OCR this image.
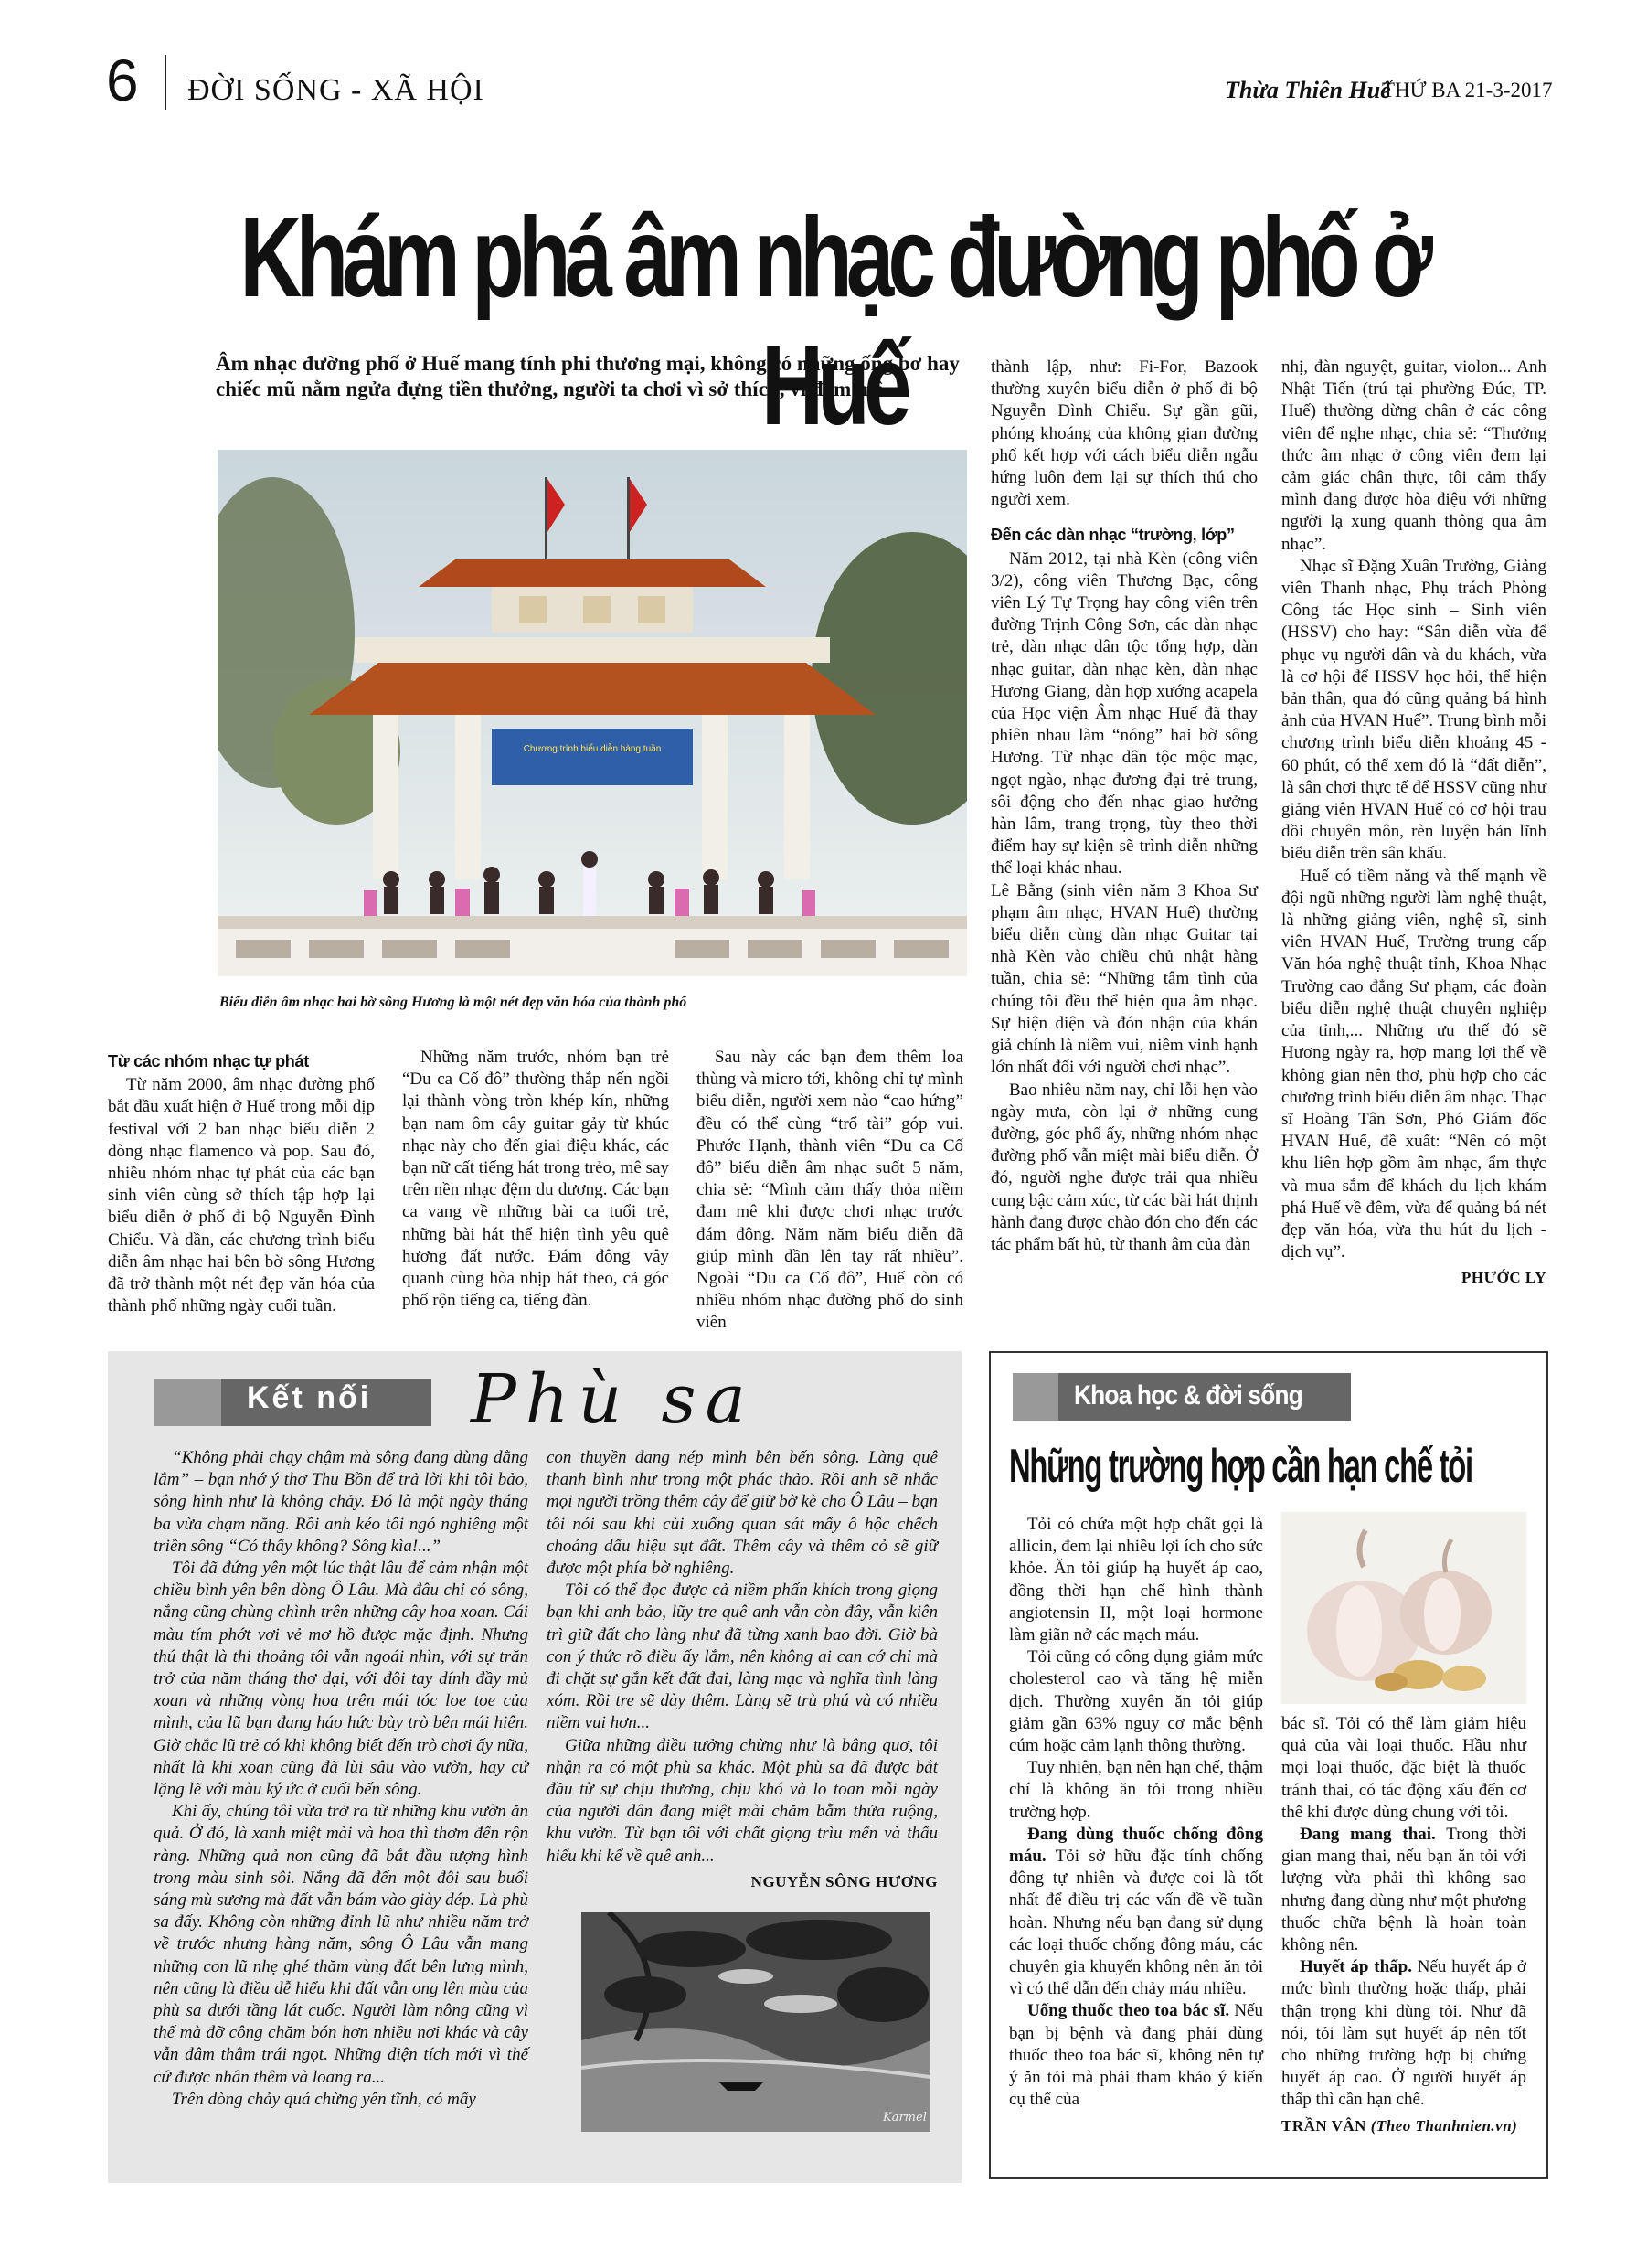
6 ĐỜI SỐNG - XÃ HỘI	Thừa Thiên Huế
THỨ BA 21-3-2017
Khám phá âm nhạc đường phố ở Huế
Âm nhạc đường phố ở Huế mang tính phi thương mại, không có những ống bơ hay chiếc mũ nằm ngửa đựng tiền thưởng, người ta chơi vì sở thích, vì đam mê.
Chương trình biểu diễn hàng tuần
Biểu diễn âm nhạc hai bờ sông Hương là một nét đẹp văn hóa của thành phố
Từ các nhóm nhạc tự phát

Từ năm 2000, âm nhạc đường phố bắt đầu xuất hiện ở Huế trong mỗi dịp festival với 2 ban nhạc biểu diễn 2 dòng nhạc flamenco và pop. Sau đó, nhiều nhóm nhạc tự phát của các bạn sinh viên cùng sở thích tập hợp lại biểu diễn ở phố đi bộ Nguyễn Đình Chiểu. Và dần, các chương trình biểu diễn âm nhạc hai bên bờ sông Hương đã trở thành một nét đẹp văn hóa của thành phố những ngày cuối tuần.

Những năm trước, nhóm bạn trẻ “Du ca Cố đô” thường thắp nến ngồi lại thành vòng tròn khép kín, những bạn nam ôm cây guitar gảy từ khúc nhạc này cho đến giai điệu khác, các bạn nữ cất tiếng hát trong trẻo, mê say trên nền nhạc đệm du dương. Các bạn ca vang về những bài ca tuổi trẻ, những bài hát thể hiện tình yêu quê hương đất nước. Đám đông vây quanh cùng hòa nhịp hát theo, cả góc phố rộn tiếng ca, tiếng đàn.

Sau này các bạn đem thêm loa thùng và micro tới, không chỉ tự mình biểu diễn, người xem nào “cao hứng” đều có thể cùng “trổ tài” góp vui. Phước Hạnh, thành viên “Du ca Cố đô” biểu diễn âm nhạc suốt 5 năm, chia sẻ: “Mình cảm thấy thỏa niềm đam mê khi được chơi nhạc trước đám đông. Năm năm biểu diễn đã giúp mình dần lên tay rất nhiều”. Ngoài “Du ca Cố đô”, Huế còn có nhiều nhóm nhạc đường phố do sinh viên

thành lập, như: Fi-For, Bazook thường xuyên biểu diễn ở phố đi bộ Nguyễn Đình Chiểu. Sự gần gũi, phóng khoáng của không gian đường phố kết hợp với cách biểu diễn ngẫu hứng luôn đem lại sự thích thú cho người xem.

Đến các dàn nhạc “trường, lớp”

Năm 2012, tại nhà Kèn (công viên 3/2), công viên Thương Bạc, công viên Lý Tự Trọng hay công viên trên đường Trịnh Công Sơn, các dàn nhạc trẻ, dàn nhạc dân tộc tổng hợp, dàn nhạc guitar, dàn nhạc kèn, dàn nhạc Hương Giang, dàn hợp xướng acapela của Học viện Âm nhạc Huế đã thay phiên nhau làm “nóng” hai bờ sông Hương. Từ nhạc dân tộc mộc mạc, ngọt ngào, nhạc đương đại trẻ trung, sôi động cho đến nhạc giao hưởng hàn lâm, trang trọng, tùy theo thời điểm hay sự kiện sẽ trình diễn những thể loại khác nhau.

Lê Bằng (sinh viên năm 3 Khoa Sư phạm âm nhạc, HVAN Huế) thường biểu diễn cùng dàn nhạc Guitar tại nhà Kèn vào chiều chủ nhật hàng tuần, chia sẻ: “Những tâm tình của chúng tôi đều thể hiện qua âm nhạc. Sự hiện diện và đón nhận của khán giả chính là niềm vui, niềm vinh hạnh lớn nhất đối với người chơi nhạc”.

Bao nhiêu năm nay, chỉ lỗi hẹn vào ngày mưa, còn lại ở những cung đường, góc phố ấy, những nhóm nhạc đường phố vẫn miệt mài biểu diễn. Ở đó, người nghe được trải qua nhiều cung bậc cảm xúc, từ các bài hát thịnh hành đang được chào đón cho đến các tác phẩm bất hủ, từ thanh âm của đàn

nhị, đàn nguyệt, guitar, violon... Anh Nhật Tiến (trú tại phường Đúc, TP. Huế) thường dừng chân ở các công viên để nghe nhạc, chia sẻ: “Thưởng thức âm nhạc ở công viên đem lại cảm giác chân thực, tôi cảm thấy mình đang được hòa điệu với những người lạ xung quanh thông qua âm nhạc”.

Nhạc sĩ Đặng Xuân Trường, Giảng viên Thanh nhạc, Phụ trách Phòng Công tác Học sinh – Sinh viên (HSSV) cho hay: “Sân diễn vừa để phục vụ người dân và du khách, vừa là cơ hội để HSSV học hỏi, thể hiện bản thân, qua đó cũng quảng bá hình ảnh của HVAN Huế”. Trung bình mỗi chương trình biểu diễn khoảng 45 - 60 phút, có thể xem đó là “đất diễn”, là sân chơi thực tế để HSSV cũng như giảng viên HVAN Huế có cơ hội trau dồi chuyên môn, rèn luyện bản lĩnh biểu diễn trên sân khấu.

Huế có tiềm năng và thế mạnh về đội ngũ những người làm nghệ thuật, là những giảng viên, nghệ sĩ, sinh viên HVAN Huế, Trường trung cấp Văn hóa nghệ thuật tỉnh, Khoa Nhạc Trường cao đẳng Sư phạm, các đoàn biểu diễn nghệ thuật chuyên nghiệp của tỉnh,... Những ưu thế đó sẽ Hương ngày ra, hợp mang lợi thế về không gian nên thơ, phù hợp cho các chương trình biểu diễn âm nhạc. Thạc sĩ Hoàng Tân Sơn, Phó Giám đốc HVAN Huế, đề xuất: “Nên có một khu liên hợp gồm âm nhạc, ẩm thực và mua sắm để khách du lịch khám phá Huế về đêm, vừa để quảng bá nét đẹp văn hóa, vừa thu hút du lịch - dịch vụ”.

PHƯỚC LY
Kết nối Phù sa

“Không phải chạy chậm mà sông đang dùng dằng lắm” – bạn nhớ ý thơ Thu Bồn để trả lời khi tôi bảo, sông hình như là không chảy. Đó là một ngày tháng ba vừa chạm nắng. Rồi anh kéo tôi ngó nghiêng một triền sông “Có thấy không? Sông kìa!...”

Tôi đã đứng yên một lúc thật lâu để cảm nhận một chiều bình yên bên dòng Ô Lâu. Mà đâu chỉ có sông, nắng cũng chùng chình trên những cây hoa xoan. Cái màu tím phớt vơi vẻ mơ hồ được mặc định. Nhưng thú thật là thi thoảng tôi vẫn ngoái nhìn, với sự trăn trở của năm tháng thơ dại, với đôi tay dính đầy mủ xoan và những vòng hoa trên mái tóc loe toe của mình, của lũ bạn đang háo hức bày trò bên mái hiên. Giờ chắc lũ trẻ có khi không biết đến trò chơi ấy nữa, nhất là khi xoan cũng đã lùi sâu vào vườn, hay cứ lặng lẽ với màu ký ức ở cuối bến sông.

Khi ấy, chúng tôi vừa trở ra từ những khu vườn ăn quả. Ở đó, là xanh miệt mài và hoa thì thơm đến rộn ràng. Những quả non cũng đã bắt đầu tượng hình trong màu sinh sôi. Nắng đã đến một đôi sau buổi sáng mù sương mà đất vẫn bám vào giày dép. Là phù sa đấy. Không còn những đỉnh lũ như nhiều năm trở về trước nhưng hàng năm, sông Ô Lâu vẫn mang những con lũ nhẹ ghé thăm vùng đất bên lưng mình, nên cũng là điều dễ hiểu khi đất vẫn ong lên màu của phù sa dưới tầng lát cuốc. Người làm nông cũng vì thế mà đỡ công chăm bón hơn nhiều nơi khác và cây vẫn đâm thẳm trái ngọt. Những diện tích mới vì thế cứ được nhân thêm và loang ra...

Trên dòng chảy quá chừng yên tĩnh, có mấy

con thuyền đang nép mình bên bến sông. Làng quê thanh bình như trong một phác thảo. Rồi anh sẽ nhắc mọi người trồng thêm cây để giữ bờ kè cho Ô Lâu – bạn tôi nói sau khi cùi xuống quan sát mấy ô hộc chếch choáng dấu hiệu sụt đất. Thêm cây và thêm cỏ sẽ giữ được một phía bờ nghiêng.

Tôi có thể đọc được cả niềm phấn khích trong giọng bạn khi anh bảo, lũy tre quê anh vẫn còn đây, vẫn kiên trì giữ đất cho làng như đã từng xanh bao đời. Giờ bà con ý thức rõ điều ấy lắm, nên không ai can cớ chỉ mà đi chặt sự gắn kết đất đai, làng mạc và nghĩa tình làng xóm. Rồi tre sẽ dày thêm. Làng sẽ trù phú và có nhiều niềm vui hơn...

Giữa những điều tưởng chừng như là bâng quơ, tôi nhận ra có một phù sa khác. Một phù sa đã được bắt đầu từ sự chịu thương, chịu khó và lo toan mỗi ngày của người dân đang miệt mài chăm bẵm thửa ruộng, khu vườn. Từ bạn tôi với chất giọng trìu mến và thấu hiểu khi kể về quê anh...

NGUYỄN SÔNG HƯƠNG
Karmel
Khoa học & đời sống
Những trường hợp cần hạn chế tỏi

Tỏi có chứa một hợp chất gọi là allicin, đem lại nhiều lợi ích cho sức khỏe. Ăn tỏi giúp hạ huyết áp cao, đồng thời hạn chế hình thành angiotensin II, một loại hormone làm giãn nở các mạch máu.

Tỏi cũng có công dụng giảm mức cholesterol cao và tăng hệ miễn dịch. Thường xuyên ăn tỏi giúp giảm gần 63% nguy cơ mắc bệnh cúm hoặc cảm lạnh thông thường.

Tuy nhiên, bạn nên hạn chế, thậm chí là không ăn tỏi trong nhiều trường hợp.

Đang dùng thuốc chống đông máu. Tỏi sở hữu đặc tính chống đông tự nhiên và được coi là tốt nhất để điều trị các vấn đề về tuần hoàn. Nhưng nếu bạn đang sử dụng các loại thuốc chống đông máu, các chuyên gia khuyến không nên ăn tỏi vì có thể dẫn đến chảy máu nhiều.

Uống thuốc theo toa bác sĩ. Nếu bạn bị bệnh và đang phải dùng thuốc theo toa bác sĩ, không nên tự ý ăn tỏi mà phải tham khảo ý kiến cụ thể của

bác sĩ. Tỏi có thể làm giảm hiệu quả của vài loại thuốc. Hầu như mọi loại thuốc, đặc biệt là thuốc tránh thai, có tác động xấu đến cơ thể khi được dùng chung với tỏi.

Đang mang thai. Trong thời gian mang thai, nếu bạn ăn tỏi với lượng vừa phải thì không sao nhưng đang dùng như một phương thuốc chữa bệnh là hoàn toàn không nên.

Huyết áp thấp. Nếu huyết áp ở mức bình thường hoặc thấp, phải thận trọng khi dùng tỏi. Như đã nói, tỏi làm sụt huyết áp nên tốt cho những trường hợp bị chứng huyết áp cao. Ở người huyết áp thấp thì cần hạn chế.

TRẦN VÂN (Theo Thanhnien.vn)
